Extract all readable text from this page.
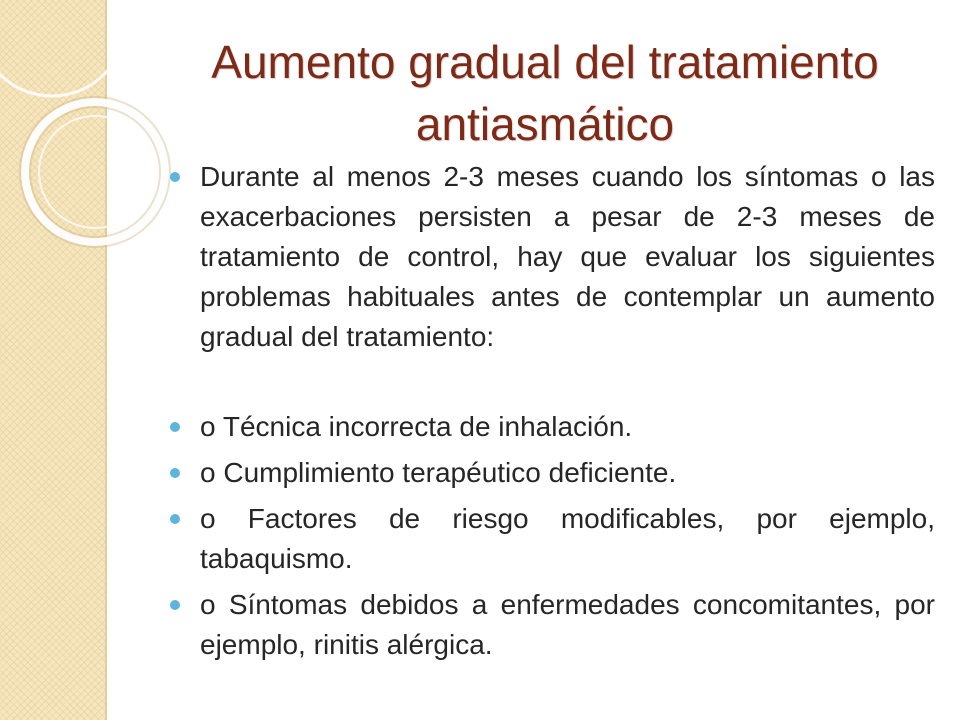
Aumento gradual del tratamiento antiasmático
Durante al menos 2-3 meses cuando los síntomas o las exacerbaciones persisten a pesar de 2-3 meses de tratamiento de control, hay que evaluar los siguientes problemas habituales antes de contemplar un aumento gradual del tratamiento:
o Técnica incorrecta de inhalación.
o Cumplimiento terapéutico deficiente.
o Factores de riesgo modificables, por ejemplo, tabaquismo.
o Síntomas debidos a enfermedades concomitantes, por ejemplo, rinitis alérgica.
